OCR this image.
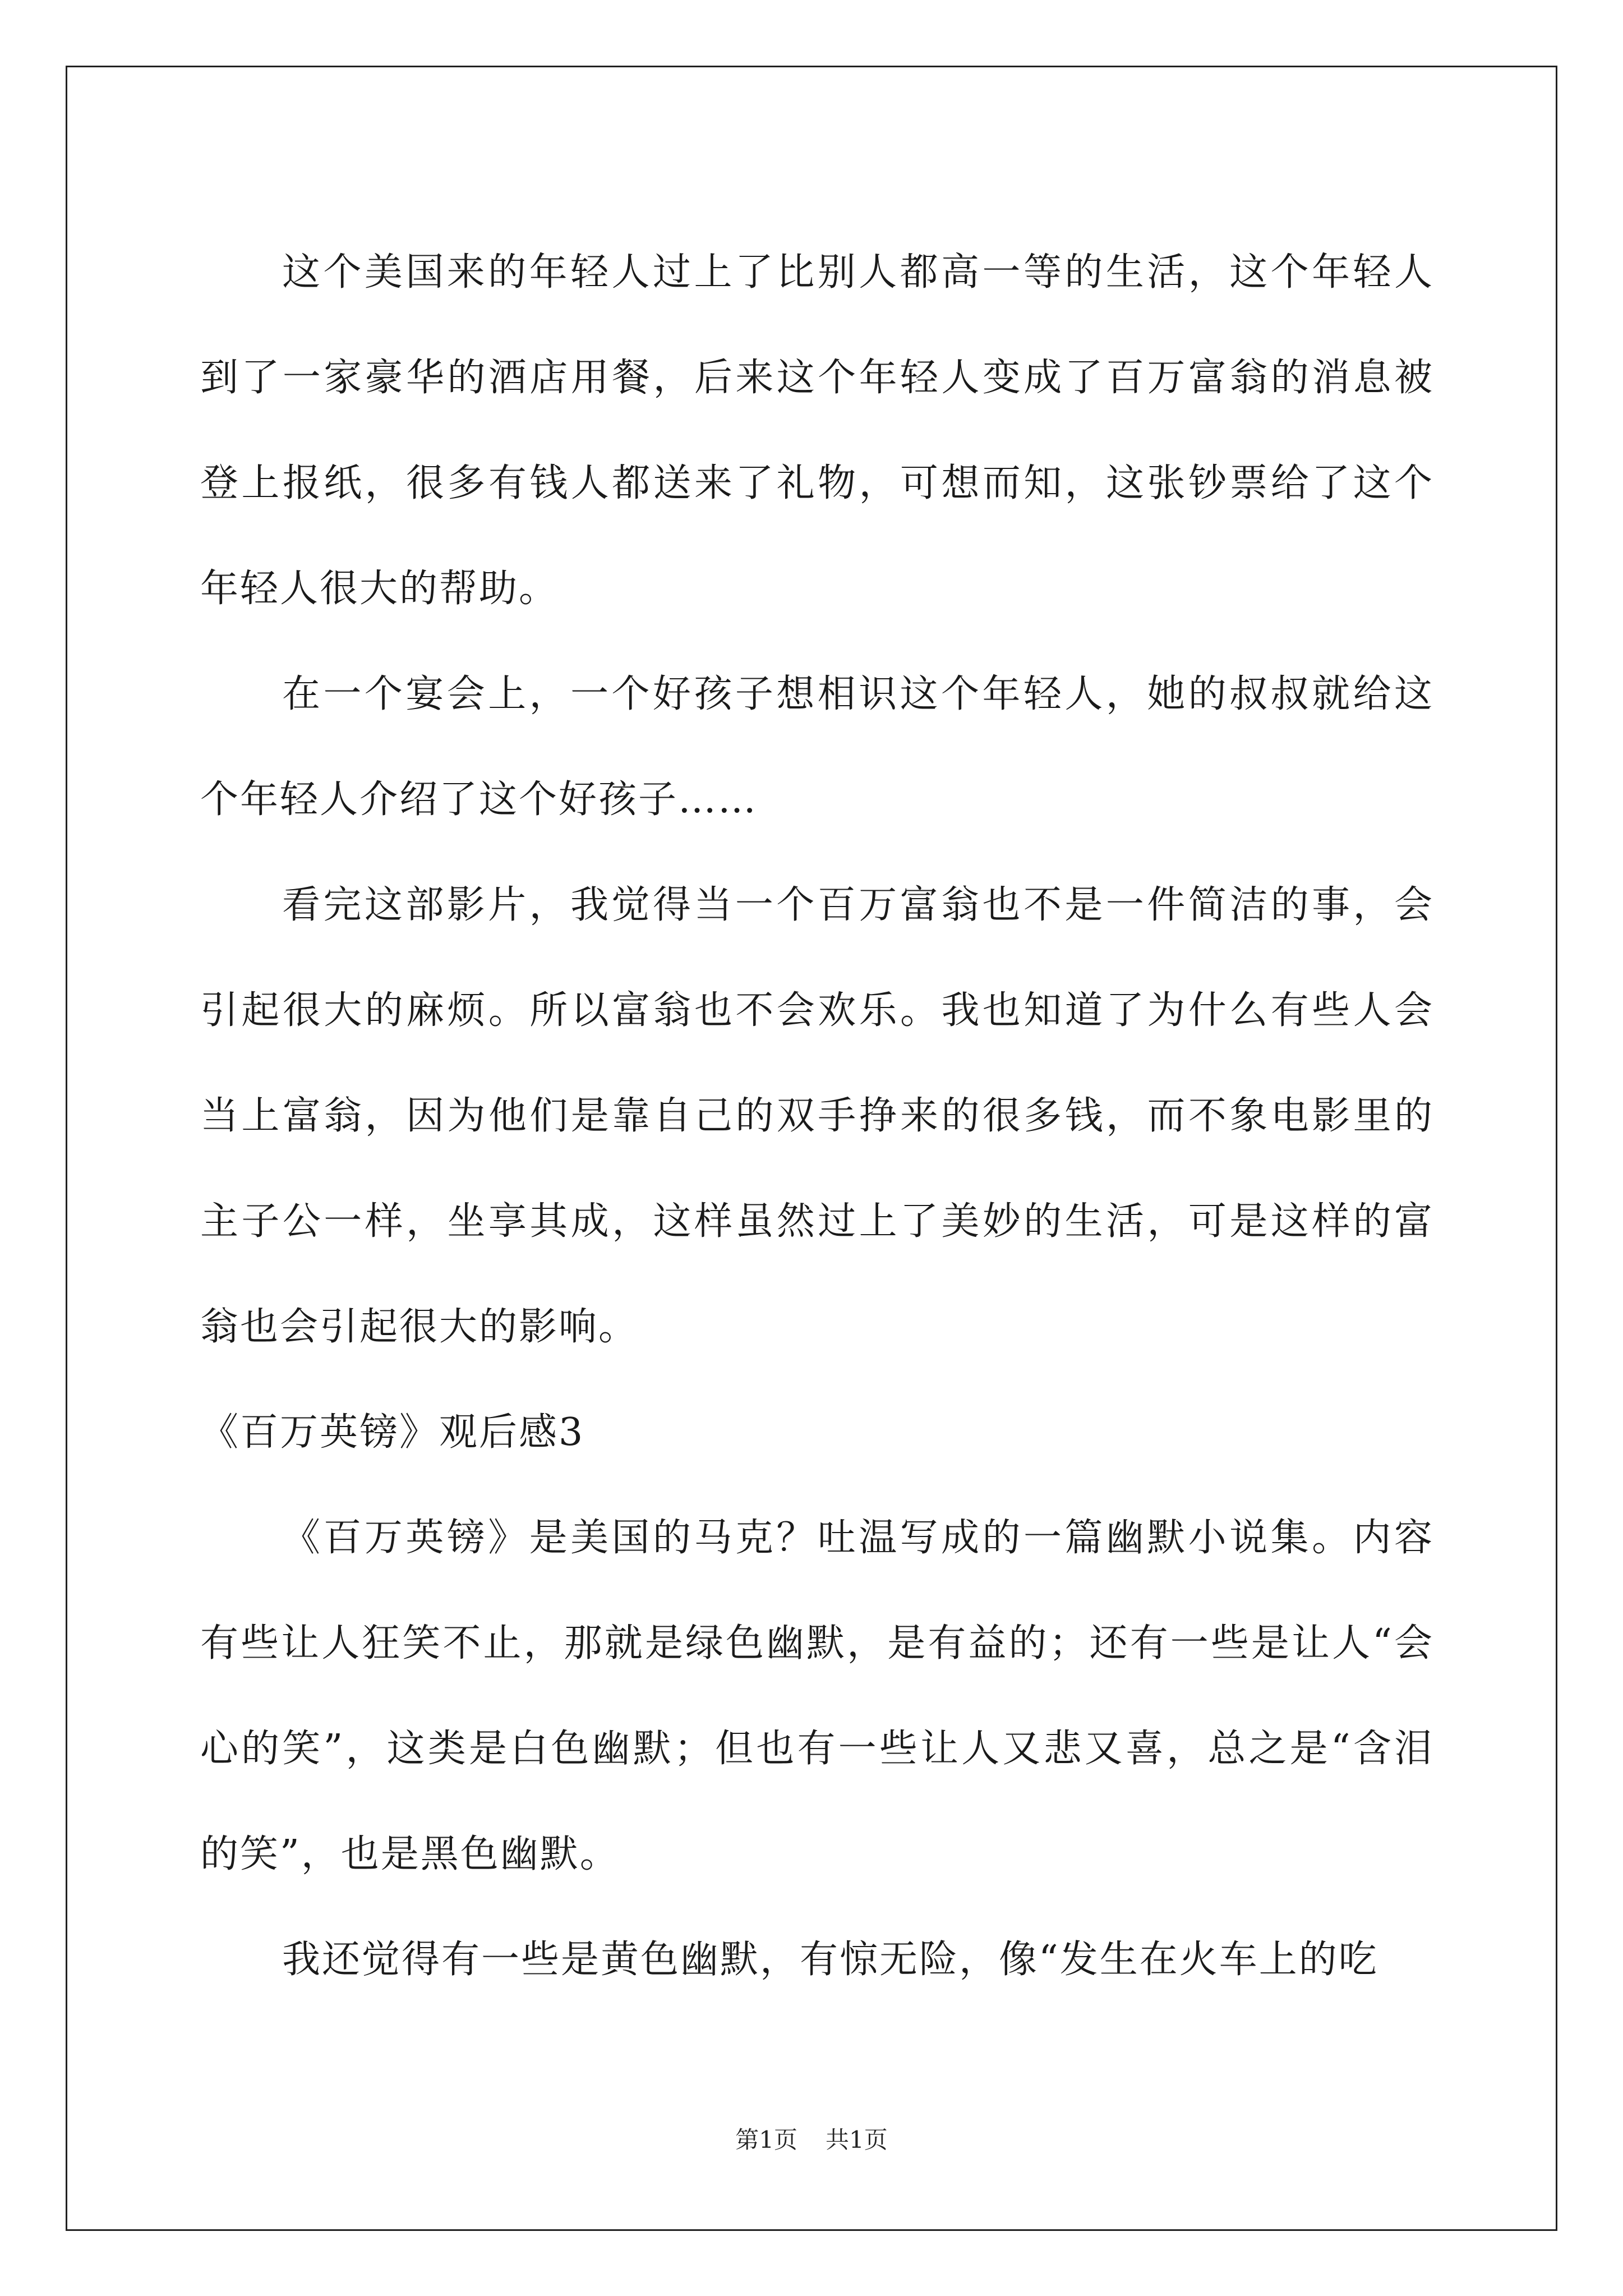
这个美国来的年轻人过上了比别人都高一等的生活，这个年轻人到了一家豪华的酒店用餐，后来这个年轻人变成了百万富翁的消息被登上报纸，很多有钱人都送来了礼物，可想而知，这张钞票给了这个年轻人很大的帮助。

在一个宴会上，一个好孩子想相识这个年轻人，她的叔叔就给这个年轻人介绍了这个好孩子……

看完这部影片，我觉得当一个百万富翁也不是一件简洁的事，会引起很大的麻烦。所以富翁也不会欢乐。我也知道了为什么有些人会当上富翁，因为他们是靠自己的双手挣来的很多钱，而不象电影里的主子公一样，坐享其成，这样虽然过上了美妙的生活，可是这样的富翁也会引起很大的影响。

《百万英镑》观后感3

《百万英镑》是美国的马克？吐温写成的一篇幽默小说集。内容有些让人狂笑不止，那就是绿色幽默，是有益的；还有一些是让人“会心的笑”，这类是白色幽默；但也有一些让人又悲又喜，总之是“含泪的笑”，也是黑色幽默。

我还觉得有一些是黄色幽默，有惊无险，像“发生在火车上的吃

第1页 共1页
